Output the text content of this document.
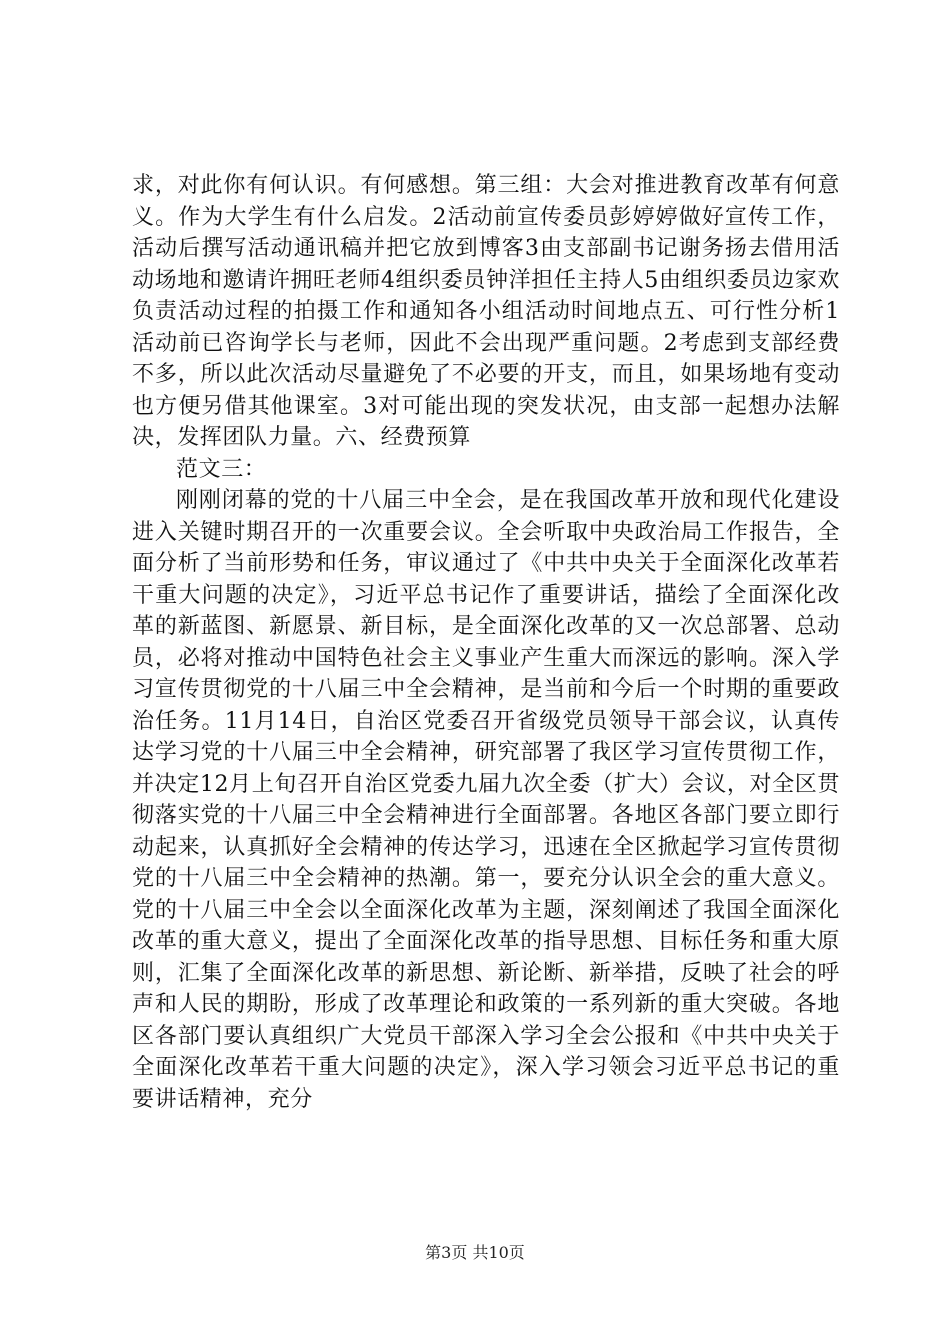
求，对此你有何认识。有何感想。第三组：大会对推进教育改革有何意义。作为大学生有什么启发。2活动前宣传委员彭婷婷做好宣传工作，活动后撰写活动通讯稿并把它放到博客3由支部副书记谢务扬去借用活动场地和邀请许拥旺老师4组织委员钟洋担任主持人5由组织委员边家欢负责活动过程的拍摄工作和通知各小组活动时间地点五、可行性分析1活动前已咨询学长与老师，因此不会出现严重问题。2考虑到支部经费不多，所以此次活动尽量避免了不必要的开支，而且，如果场地有变动也方便另借其他课室。3对可能出现的突发状况，由支部一起想办法解决，发挥团队力量。六、经费预算

范文三：

刚刚闭幕的党的十八届三中全会，是在我国改革开放和现代化建设进入关键时期召开的一次重要会议。全会听取中央政治局工作报告，全面分析了当前形势和任务，审议通过了《中共中央关于全面深化改革若干重大问题的决定》，习近平总书记作了重要讲话，描绘了全面深化改革的新蓝图、新愿景、新目标，是全面深化改革的又一次总部署、总动员，必将对推动中国特色社会主义事业产生重大而深远的影响。深入学习宣传贯彻党的十八届三中全会精神，是当前和今后一个时期的重要政治任务。11月14日，自治区党委召开省级党员领导干部会议，认真传达学习党的十八届三中全会精神，研究部署了我区学习宣传贯彻工作，并决定12月上旬召开自治区党委九届九次全委（扩大）会议，对全区贯彻落实党的十八届三中全会精神进行全面部署。各地区各部门要立即行动起来，认真抓好全会精神的传达学习，迅速在全区掀起学习宣传贯彻党的十八届三中全会精神的热潮。第一，要充分认识全会的重大意义。党的十八届三中全会以全面深化改革为主题，深刻阐述了我国全面深化改革的重大意义，提出了全面深化改革的指导思想、目标任务和重大原则，汇集了全面深化改革的新思想、新论断、新举措，反映了社会的呼声和人民的期盼，形成了改革理论和政策的一系列新的重大突破。各地区各部门要认真组织广大党员干部深入学习全会公报和《中共中央关于全面深化改革若干重大问题的决定》，深入学习领会习近平总书记的重要讲话精神，充分

第3页 共10页
